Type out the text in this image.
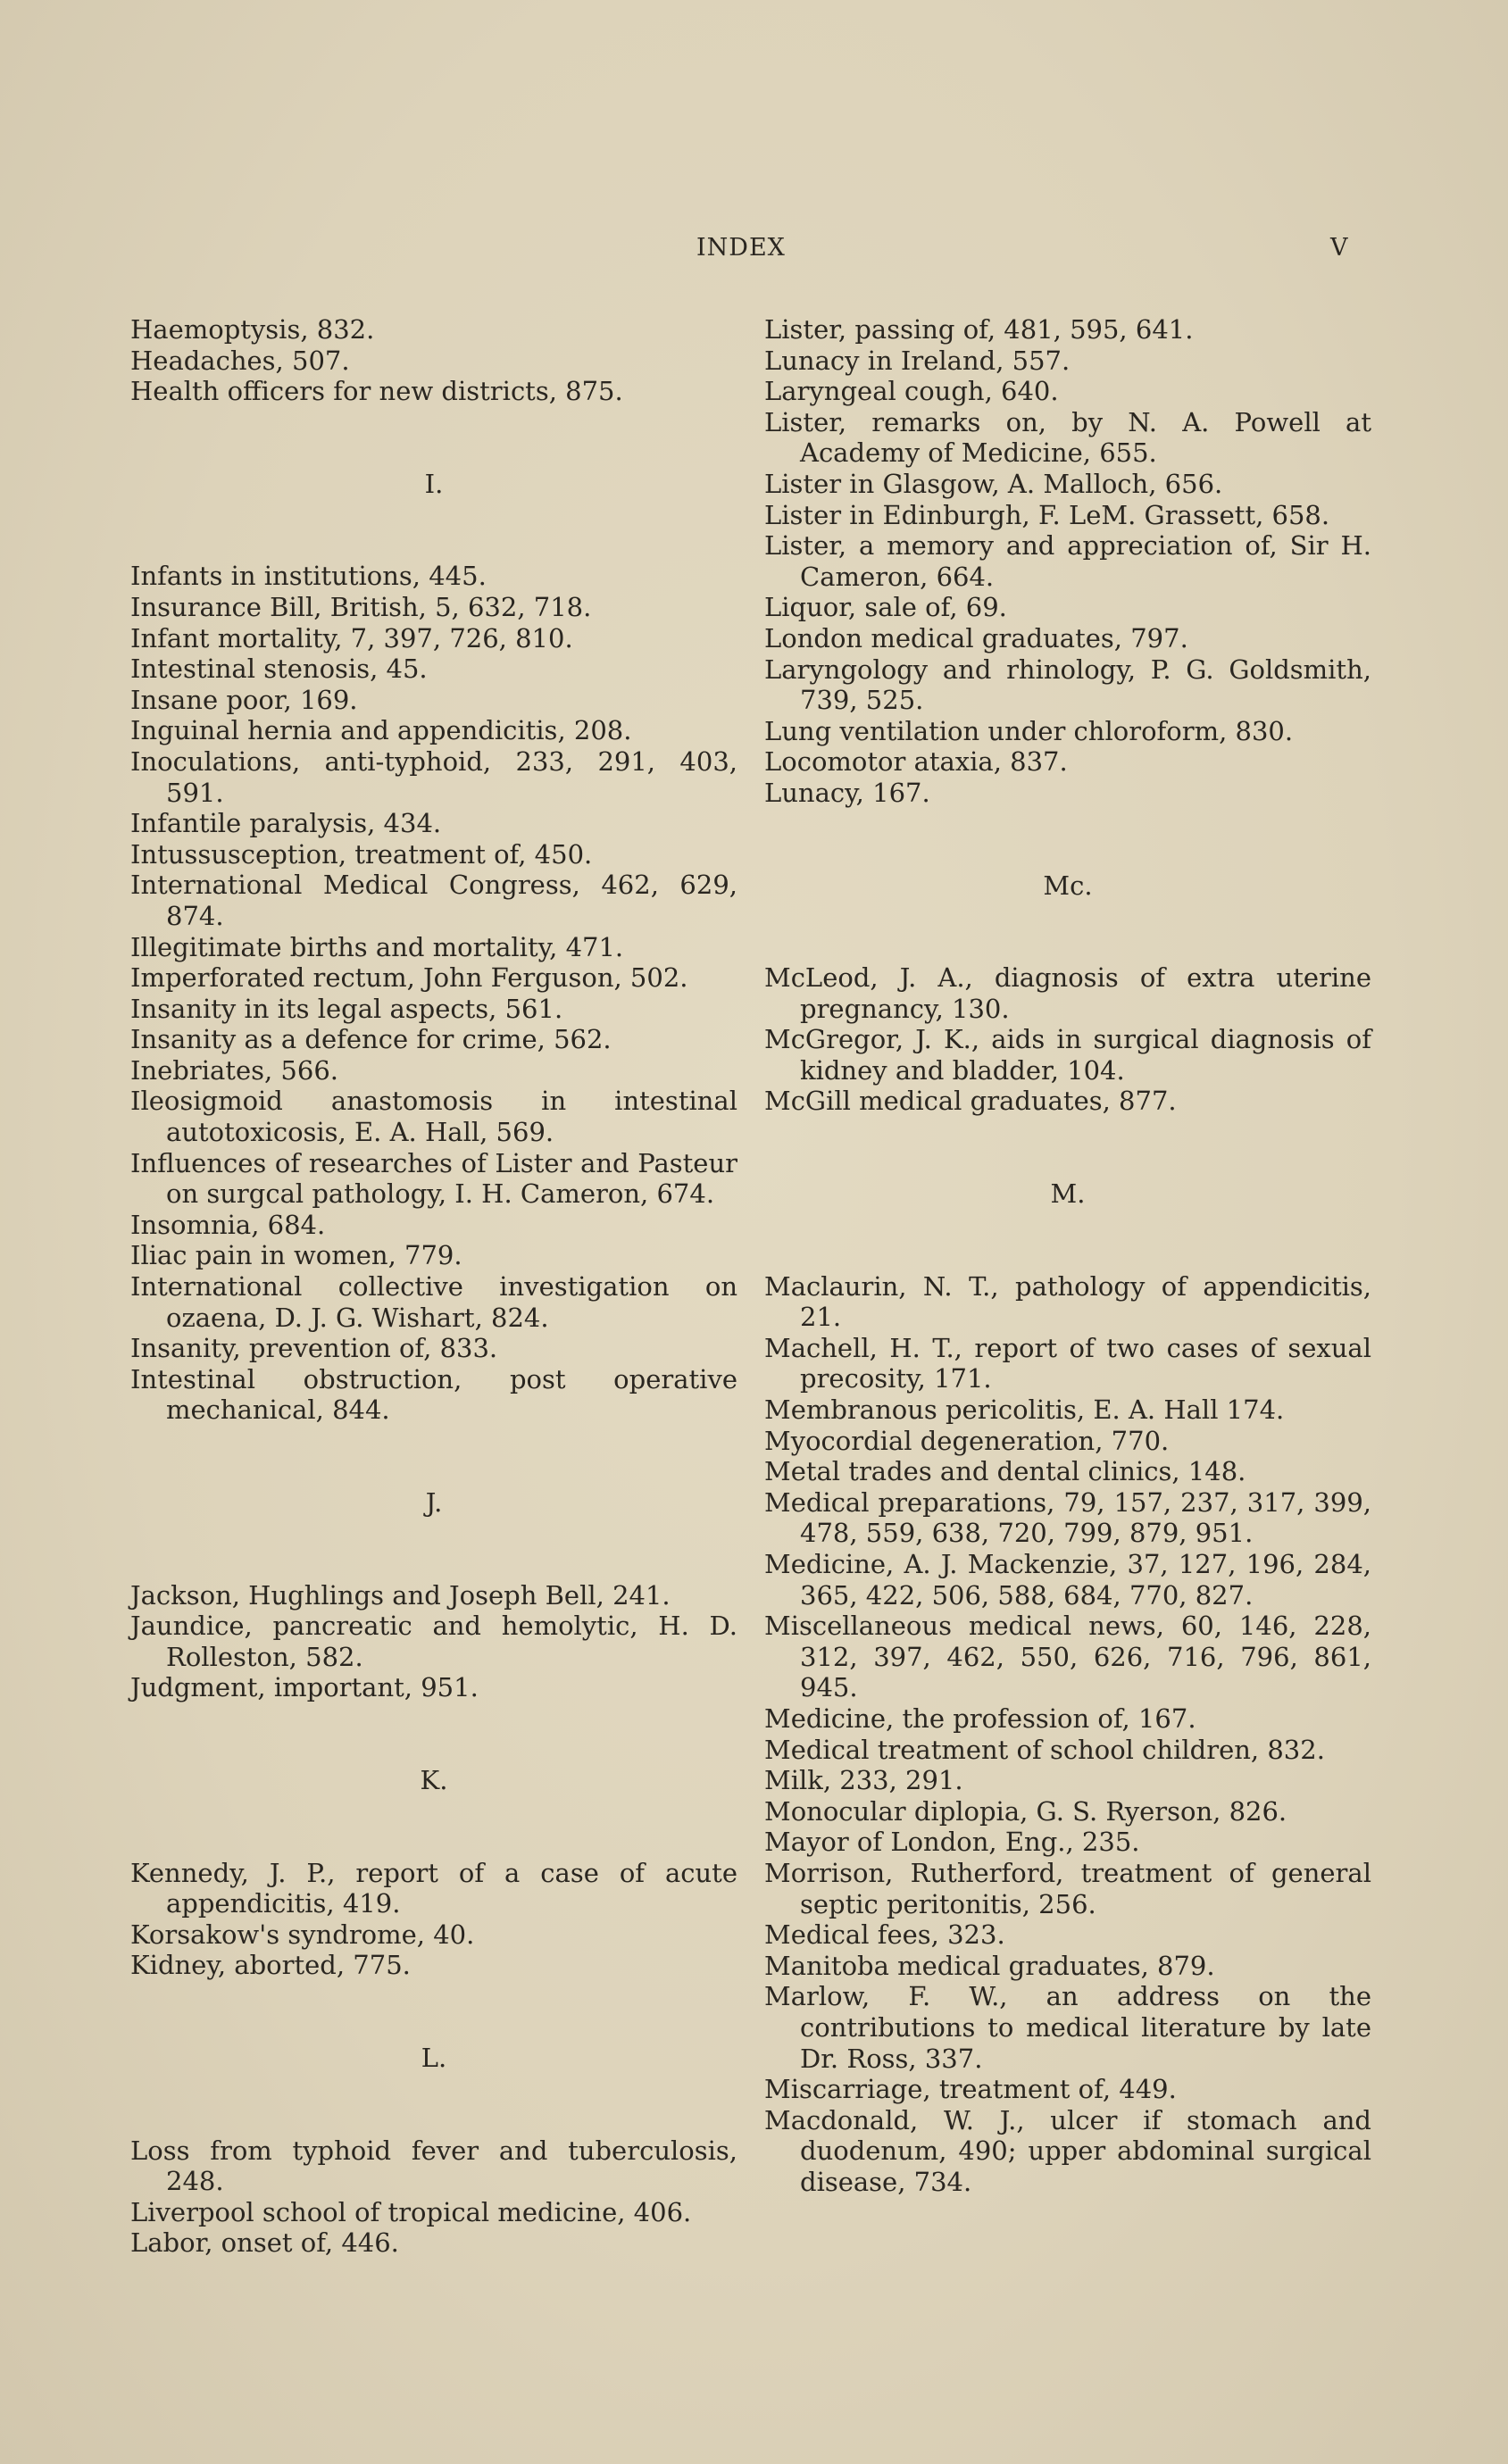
INDEX	V
Haemoptysis, 832.
Headaches, 507.
Health officers for new districts, 875.
I.
Infants in institutions, 445.
Insurance Bill, British, 5, 632, 718.
Infant mortality, 7, 397, 726, 810.
Intestinal stenosis, 45.
Insane poor, 169.
Inguinal hernia and appendicitis, 208.
Inoculations, anti-typhoid, 233, 291, 403, 591.
Infantile paralysis, 434.
Intussusception, treatment of, 450.
International Medical Congress, 462, 629, 874.
Illegitimate births and mortality, 471.
Imperforated rectum, John Ferguson, 502.
Insanity in its legal aspects, 561.
Insanity as a defence for crime, 562.
Inebriates, 566.
Ileosigmoid anastomosis in intestinal autotoxicosis, E. A. Hall, 569.
Influences of researches of Lister and Pasteur on surgcal pathology, I. H. Cameron, 674.
Insomnia, 684.
Iliac pain in women, 779.
International collective investigation on ozaena, D. J. G. Wishart, 824.
Insanity, prevention of, 833.
Intestinal obstruction, post operative mechanical, 844.
J.
Jackson, Hughlings and Joseph Bell, 241.
Jaundice, pancreatic and hemolytic, H. D. Rolleston, 582.
Judgment, important, 951.
K.
Kennedy, J. P., report of a case of acute appendicitis, 419.
Korsakow's syndrome, 40.
Kidney, aborted, 775.
L.
Loss from typhoid fever and tuberculosis, 248.
Liverpool school of tropical medicine, 406.
Labor, onset of, 446.
Lister, passing of, 481, 595, 641.
Lunacy in Ireland, 557.
Laryngeal cough, 640.
Lister, remarks on, by N. A. Powell at Academy of Medicine, 655.
Lister in Glasgow, A. Malloch, 656.
Lister in Edinburgh, F. LeM. Grassett, 658.
Lister, a memory and appreciation of, Sir H. Cameron, 664.
Liquor, sale of, 69.
London medical graduates, 797.
Laryngology and rhinology, P. G. Goldsmith, 739, 525.
Lung ventilation under chloroform, 830.
Locomotor ataxia, 837.
Lunacy, 167.
Mc.
McLeod, J. A., diagnosis of extra uterine pregnancy, 130.
McGregor, J. K., aids in surgical diagnosis of kidney and bladder, 104.
McGill medical graduates, 877.
M.
Maclaurin, N. T., pathology of appendicitis, 21.
Machell, H. T., report of two cases of sexual precosity, 171.
Membranous pericolitis, E. A. Hall 174.
Myocordial degeneration, 770.
Metal trades and dental clinics, 148.
Medical preparations, 79, 157, 237, 317, 399, 478, 559, 638, 720, 799, 879, 951.
Medicine, A. J. Mackenzie, 37, 127, 196, 284, 365, 422, 506, 588, 684, 770, 827.
Miscellaneous medical news, 60, 146, 228, 312, 397, 462, 550, 626, 716, 796, 861, 945.
Medicine, the profession of, 167.
Medical treatment of school children, 832.
Milk, 233, 291.
Monocular diplopia, G. S. Ryerson, 826.
Mayor of London, Eng., 235.
Morrison, Rutherford, treatment of general septic peritonitis, 256.
Medical fees, 323.
Manitoba medical graduates, 879.
Marlow, F. W., an address on the contributions to medical literature by late Dr. Ross, 337.
Miscarriage, treatment of, 449.
Macdonald, W. J., ulcer if stomach and duodenum, 490; upper abdominal surgical disease, 734.
